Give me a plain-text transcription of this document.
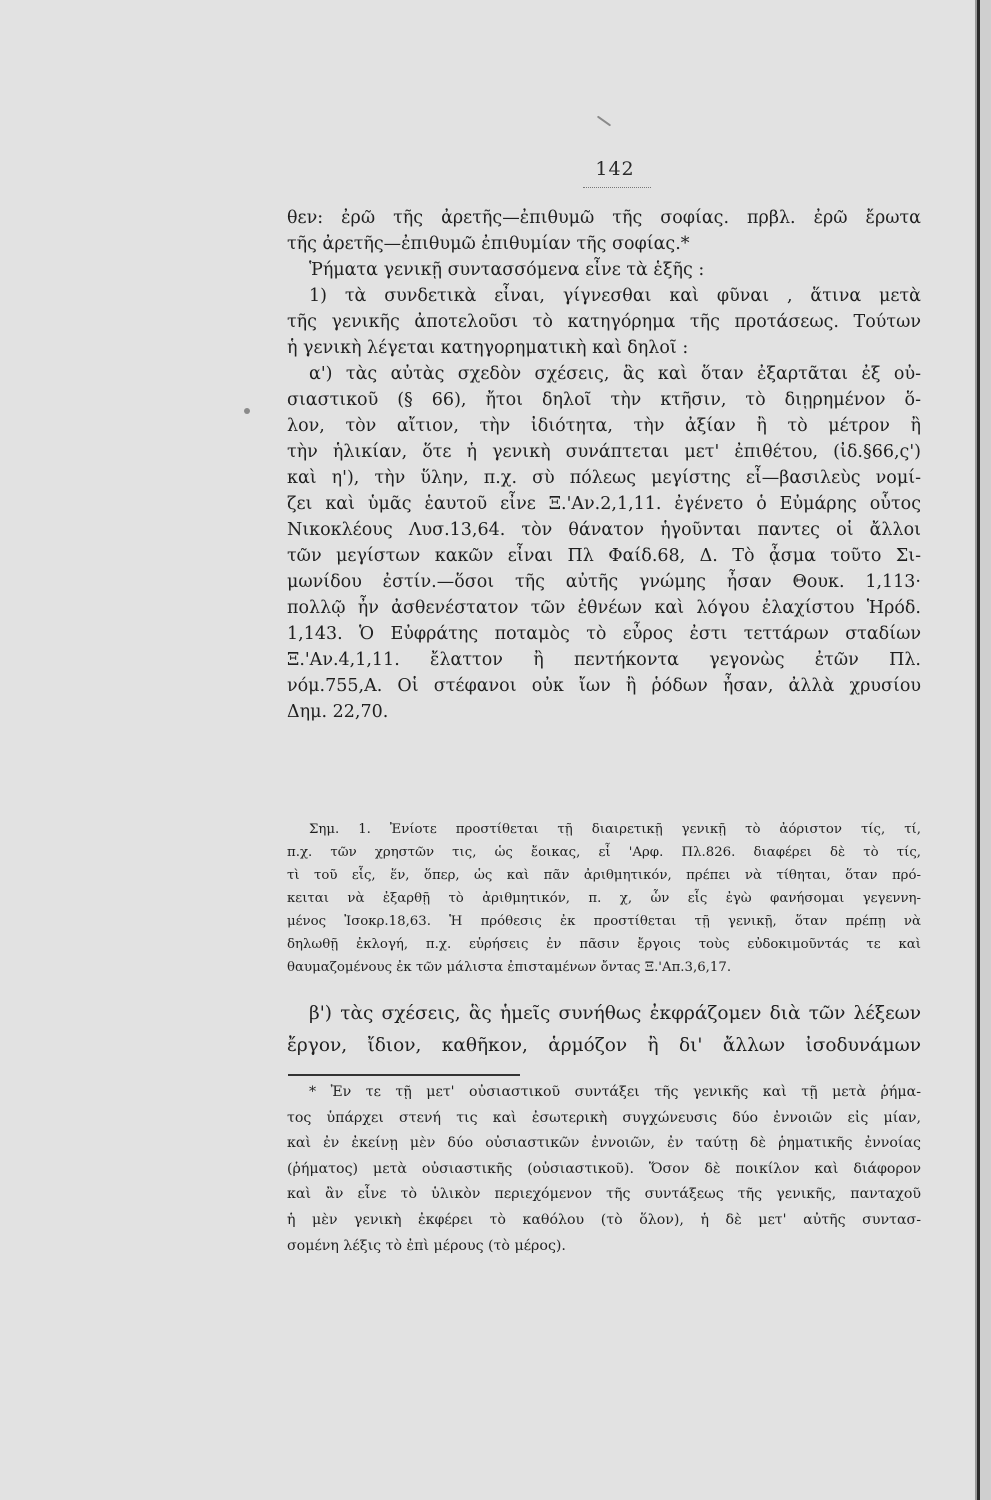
142
θεν: ἐρῶ τῆς ἀρετῆς—ἐπιθυμῶ τῆς σοφίας. πρβλ. ἐρῶ ἔρωτα
τῆς ἀρετῆς—ἐπιθυμῶ ἐπιθυμίαν τῆς σοφίας.*
Ῥήματα γενικῇ συντασσόμενα εἶνε τὰ ἑξῆς :
1) τὰ συνδετικὰ εἶναι, γίγνεσθαι καὶ φῦναι , ἅτινα μετὰ
τῆς γενικῆς ἀποτελοῦσι τὸ κατηγόρημα τῆς προτάσεως. Τούτων
ἡ γενικὴ λέγεται κατηγορηματικὴ καὶ δηλοῖ :
α') τὰς αὐτὰς σχεδὸν σχέσεις, ἃς καὶ ὅταν ἐξαρτᾶται ἐξ οὐ-
σιαστικοῦ (§ 66), ἤτοι δηλοῖ τὴν κτῆσιν, τὸ διῃρημένον ὅ-
λον, τὸν αἴτιον, τὴν ἰδιότητα, τὴν ἀξίαν ἢ τὸ μέτρον ἢ
τὴν ἡλικίαν, ὅτε ἡ γενικὴ συνάπτεται μετ' ἐπιθέτου, (ἰδ.§66,ς')
καὶ η'), τὴν ὕλην, π.χ. σὺ πόλεως μεγίστης εἶ—βασιλεὺς νομί-
ζει καὶ ὑμᾶς ἑαυτοῦ εἶνε Ξ.'Αν.2,1,11. ἐγένετο ὁ Εὐμάρης οὗτος
Νικοκλέους Λυσ.13,64. τὸν θάνατον ἡγοῦνται παντες οἱ ἄλλοι
τῶν μεγίστων κακῶν εἶναι Πλ Φαίδ.68, Δ. Τὸ ᾆσμα τοῦτο Σι-
μωνίδου ἐστίν.—ὅσοι τῆς αὐτῆς γνώμης ἦσαν Θουκ. 1,113·
πολλῷ ἦν ἀσθενέστατον τῶν ἐθνέων καὶ λόγου ἐλαχίστου Ἡρόδ.
1,143. Ὁ Εὐφράτης ποταμὸς τὸ εὖρος ἐστι τεττάρων σταδίων
Ξ.'Αν.4,1,11. ἔλαττον ἢ πεντήκοντα γεγονὼς ἐτῶν Πλ.
νόμ.755,Α. Οἱ στέφανοι οὐκ ἴων ἢ ῥόδων ἦσαν, ἀλλὰ χρυσίου
Δημ. 22,70.
Σημ. 1. Ἐνίοτε προστίθεται τῇ διαιρετικῇ γενικῇ τὸ ἀόριστον τίς, τί,
π.χ. τῶν χρηστῶν τις, ὡς ἔοικας, εἶ 'Αρφ. Πλ.826. διαφέρει δὲ τὸ τίς,
τὶ τοῦ εἷς, ἕν, ὅπερ, ὡς καὶ πᾶν ἀριθμητικόν, πρέπει νὰ τίθηται, ὅταν πρό-
κειται νὰ ἐξαρθῇ τὸ ἀριθμητικόν, π. χ, ὧν εἷς ἐγὼ φανήσομαι γεγεννη-
μένος Ἰσοκρ.18,63. Ἡ πρόθεσις ἐκ προστίθεται τῇ γενικῇ, ὅταν πρέπῃ νὰ
δηλωθῇ ἐκλογή, π.χ. εὑρήσεις ἐν πᾶσιν ἔργοις τοὺς εὐδοκιμοῦντάς τε καὶ
θαυμαζομένους ἐκ τῶν μάλιστα ἐπισταμένων ὄντας Ξ.'Απ.3,6,17.
β') τὰς σχέσεις, ἃς ἡμεῖς συνήθως ἐκφράζομεν διὰ τῶν λέξεων
ἔργον, ἴδιον, καθῆκον, ἁρμόζον ἢ δι' ἄλλων ἰσοδυνάμων
* Ἐν τε τῇ μετ' οὐσιαστικοῦ συντάξει τῆς γενικῆς καὶ τῇ μετὰ ῥήμα-
τος ὑπάρχει στενή τις καὶ ἐσωτερικὴ συγχώνευσις δύο ἐννοιῶν εἰς μίαν,
καὶ ἐν ἐκείνῃ μὲν δύο οὐσιαστικῶν ἐννοιῶν, ἐν ταύτῃ δὲ ῥηματικῆς ἐννοίας
(ῥήματος) μετὰ οὐσιαστικῆς (οὐσιαστικοῦ). Ὅσον δὲ ποικίλον καὶ διάφορον
καὶ ἂν εἶνε τὸ ὑλικὸν περιεχόμενον τῆς συντάξεως τῆς γενικῆς, πανταχοῦ
ἡ μὲν γενικὴ ἐκφέρει τὸ καθόλου (τὸ ὅλον), ἡ δὲ μετ' αὐτῆς συντασ-
σομένη λέξις τὸ ἐπὶ μέρους (τὸ μέρος).
